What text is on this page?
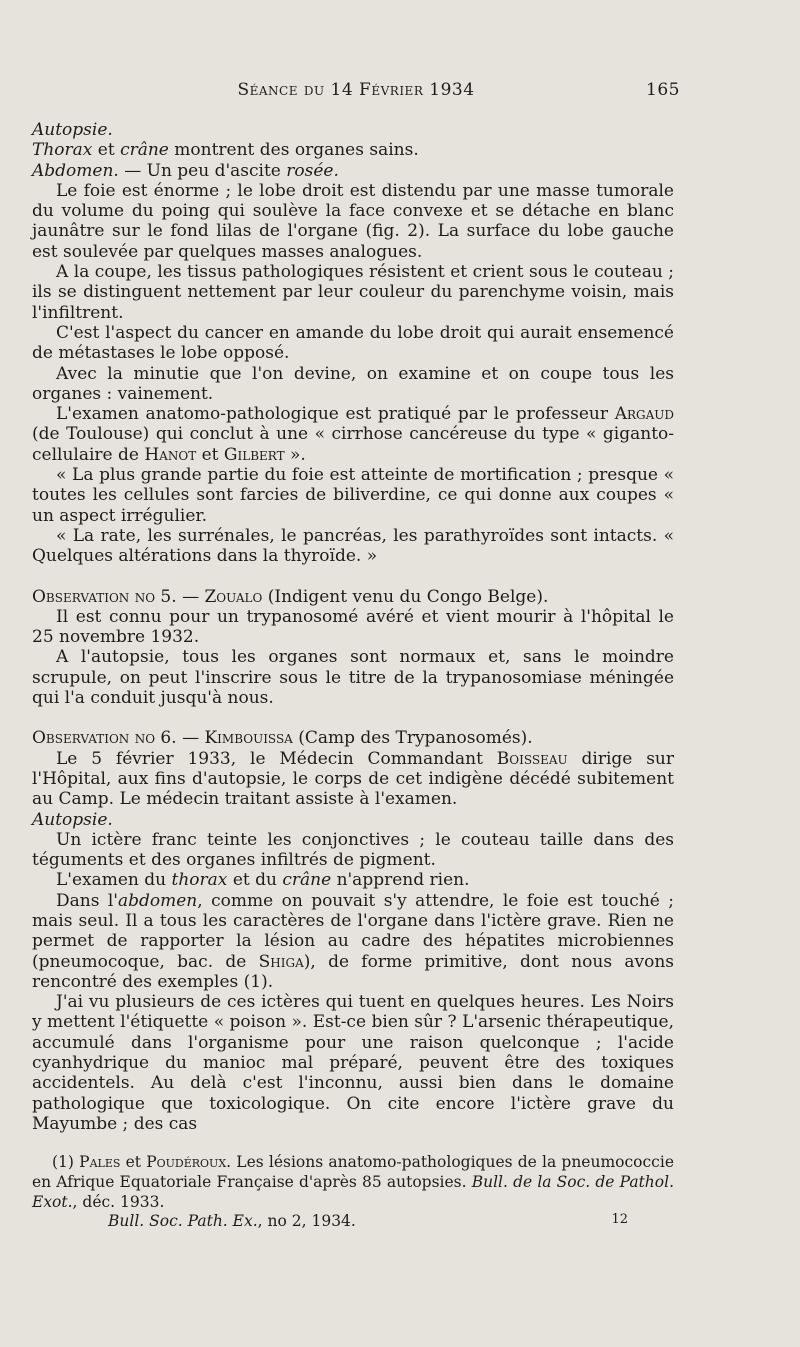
Séance du 14 Février 1934	165

Autopsie.

Thorax et crâne montrent des organes sains.

Abdomen. — Un peu d'ascite rosée.

Le foie est énorme ; le lobe droit est distendu par une masse tumorale du volume du poing qui soulève la face convexe et se détache en blanc jaunâtre sur le fond lilas de l'organe (fig. 2). La surface du lobe gauche est soulevée par quelques masses analogues.

A la coupe, les tissus pathologiques résistent et crient sous le couteau ; ils se distinguent nettement par leur couleur du parenchyme voisin, mais l'infiltrent.

C'est l'aspect du cancer en amande du lobe droit qui aurait ensemencé de métastases le lobe opposé.

Avec la minutie que l'on devine, on examine et on coupe tous les organes : vainement.

L'examen anatomo-pathologique est pratiqué par le professeur Argaud (de Toulouse) qui conclut à une « cirrhose cancéreuse du type « giganto-cellulaire de Hanot et Gilbert ».

« La plus grande partie du foie est atteinte de mortification ; presque « toutes les cellules sont farcies de biliverdine, ce qui donne aux coupes « un aspect irrégulier.

« La rate, les surrénales, le pancréas, les parathyroïdes sont intacts. « Quelques altérations dans la thyroïde. »

Observation no 5. — Zoualo (Indigent venu du Congo Belge).

Il est connu pour un trypanosomé avéré et vient mourir à l'hôpital le 25 novembre 1932.

A l'autopsie, tous les organes sont normaux et, sans le moindre scrupule, on peut l'inscrire sous le titre de la trypanosomiase méningée qui l'a conduit jusqu'à nous.

Observation no 6. — Kimbouissa (Camp des Trypanosomés).

Le 5 février 1933, le Médecin Commandant Boisseau dirige sur l'Hôpital, aux fins d'autopsie, le corps de cet indigène décédé subitement au Camp. Le médecin traitant assiste à l'examen.

Autopsie.

Un ictère franc teinte les conjonctives ; le couteau taille dans des téguments et des organes infiltrés de pigment.

L'examen du thorax et du crâne n'apprend rien.

Dans l'abdomen, comme on pouvait s'y attendre, le foie est touché ; mais seul. Il a tous les caractères de l'organe dans l'ictère grave. Rien ne permet de rapporter la lésion au cadre des hépatites microbiennes (pneumocoque, bac. de Shiga), de forme primitive, dont nous avons rencontré des exemples (1).

J'ai vu plusieurs de ces ictères qui tuent en quelques heures. Les Noirs y mettent l'étiquette « poison ». Est-ce bien sûr ? L'arsenic thérapeutique, accumulé dans l'organisme pour une raison quelconque ; l'acide cyanhydrique du manioc mal préparé, peuvent être des toxiques accidentels. Au delà c'est l'inconnu, aussi bien dans le domaine pathologique que toxicologique. On cite encore l'ictère grave du Mayumbe ; des cas

(1) Pales et Poudéroux. Les lésions anatomo-pathologiques de la pneumococcie en Afrique Equatoriale Française d'après 85 autopsies. Bull. de la Soc. de Pathol. Exot., déc. 1933.

Bull. Soc. Path. Ex., no 2, 1934.	12
